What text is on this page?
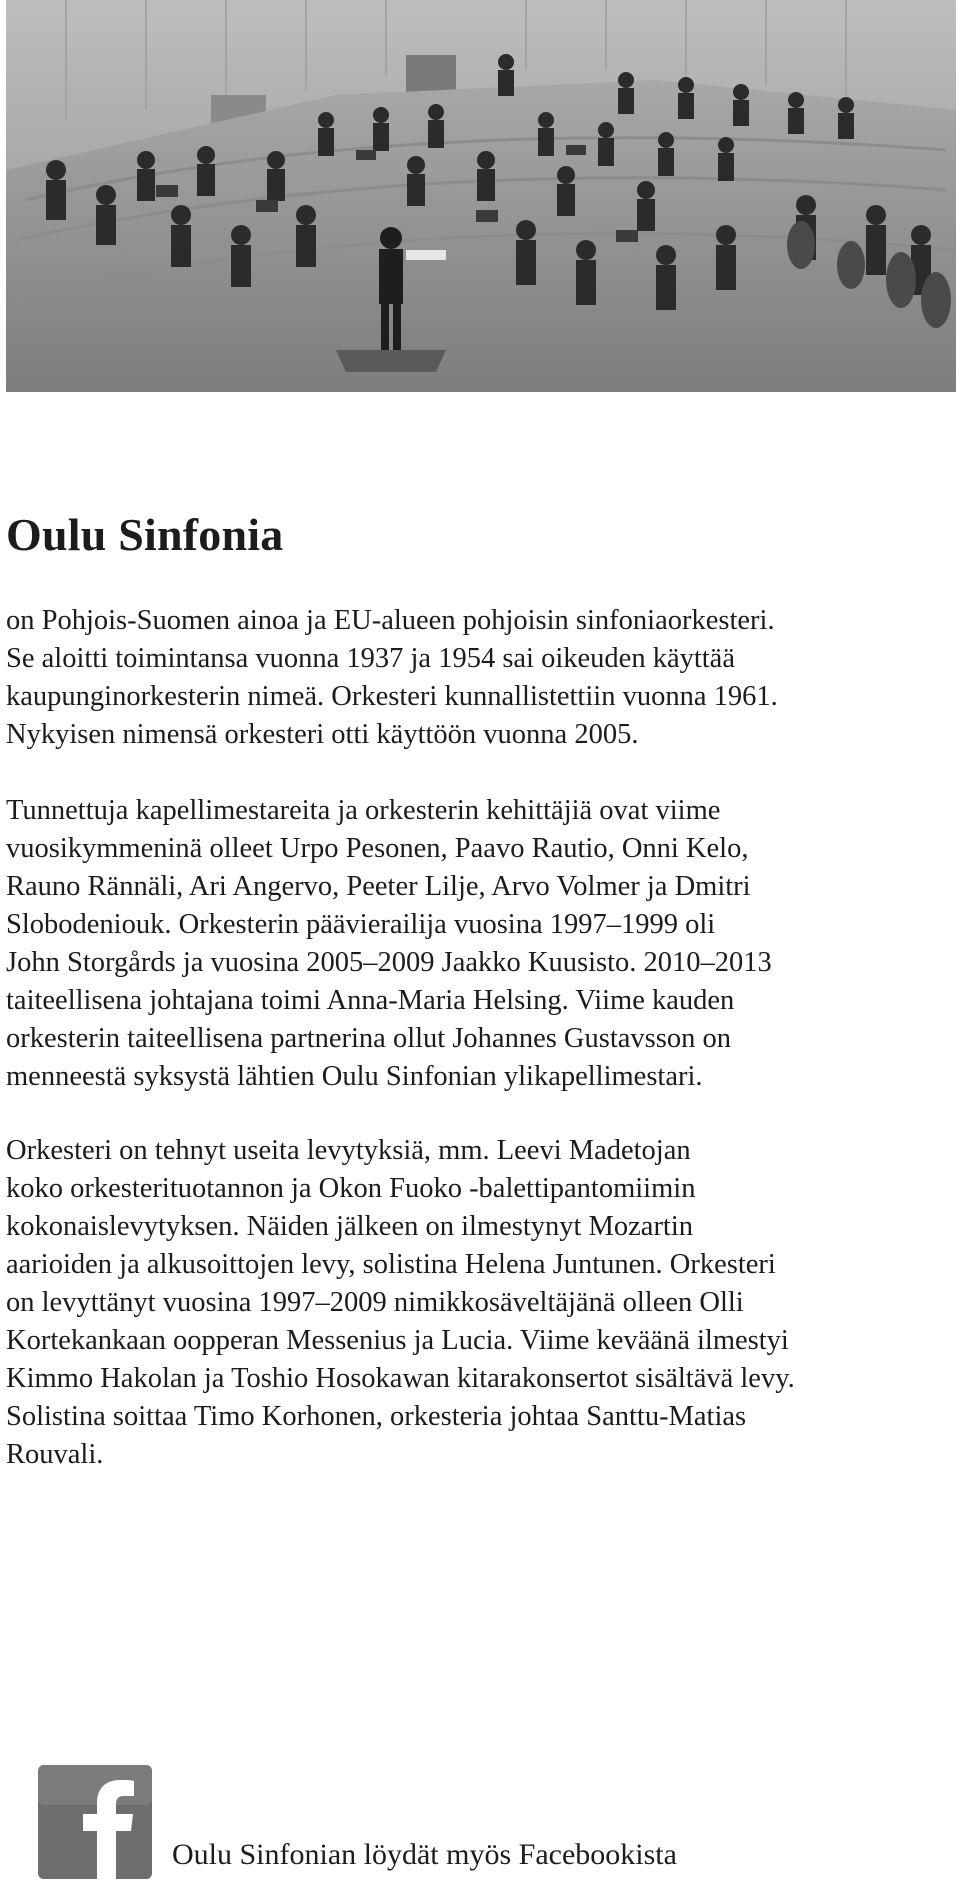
Oulu Sinfonia

on Pohjois-Suomen ainoa ja EU-alueen pohjoisin sinfoniaorkesteri.
Se aloitti toimintansa vuonna 1937 ja 1954 sai oikeuden käyttää
kaupunginorkesterin nimeä. Orkesteri kunnallistettiin vuonna 1961.
Nykyisen nimensä orkesteri otti käyttöön vuonna 2005.

Tunnettuja kapellimestareita ja orkesterin kehittäjiä ovat viime
vuosikymmeninä olleet Urpo Pesonen, Paavo Rautio, Onni Kelo,
Rauno Rännäli, Ari Angervo, Peeter Lilje, Arvo Volmer ja Dmitri
Slobodeniouk. Orkesterin päävierailija vuosina 1997–1999 oli
John Storgårds ja vuosina 2005–2009 Jaakko Kuusisto. 2010–2013
taiteellisena johtajana toimi Anna-Maria Helsing. Viime kauden
orkesterin taiteellisena partnerina ollut Johannes Gustavsson on
menneestä syksystä lähtien Oulu Sinfonian ylikapellimestari.

Orkesteri on tehnyt useita levytyksiä, mm. Leevi Madetojan
koko orkesterituotannon ja Okon Fuoko -balettipantomiimin
kokonaislevytyksen. Näiden jälkeen on ilmestynyt Mozartin
aarioiden ja alkusoittojen levy, solistina Helena Juntunen. Orkesteri
on levyttänyt vuosina 1997–2009 nimikkosäveltäjänä olleen Olli
Kortekankaan oopperan Messenius ja Lucia. Viime keväänä ilmestyi
Kimmo Hakolan ja Toshio Hosokawan kitarakonsertot sisältävä levy.
Solistina soittaa Timo Korhonen, orkesteria johtaa Santtu-Matias
Rouvali.

Oulu Sinfonian löydät myös Facebookista
